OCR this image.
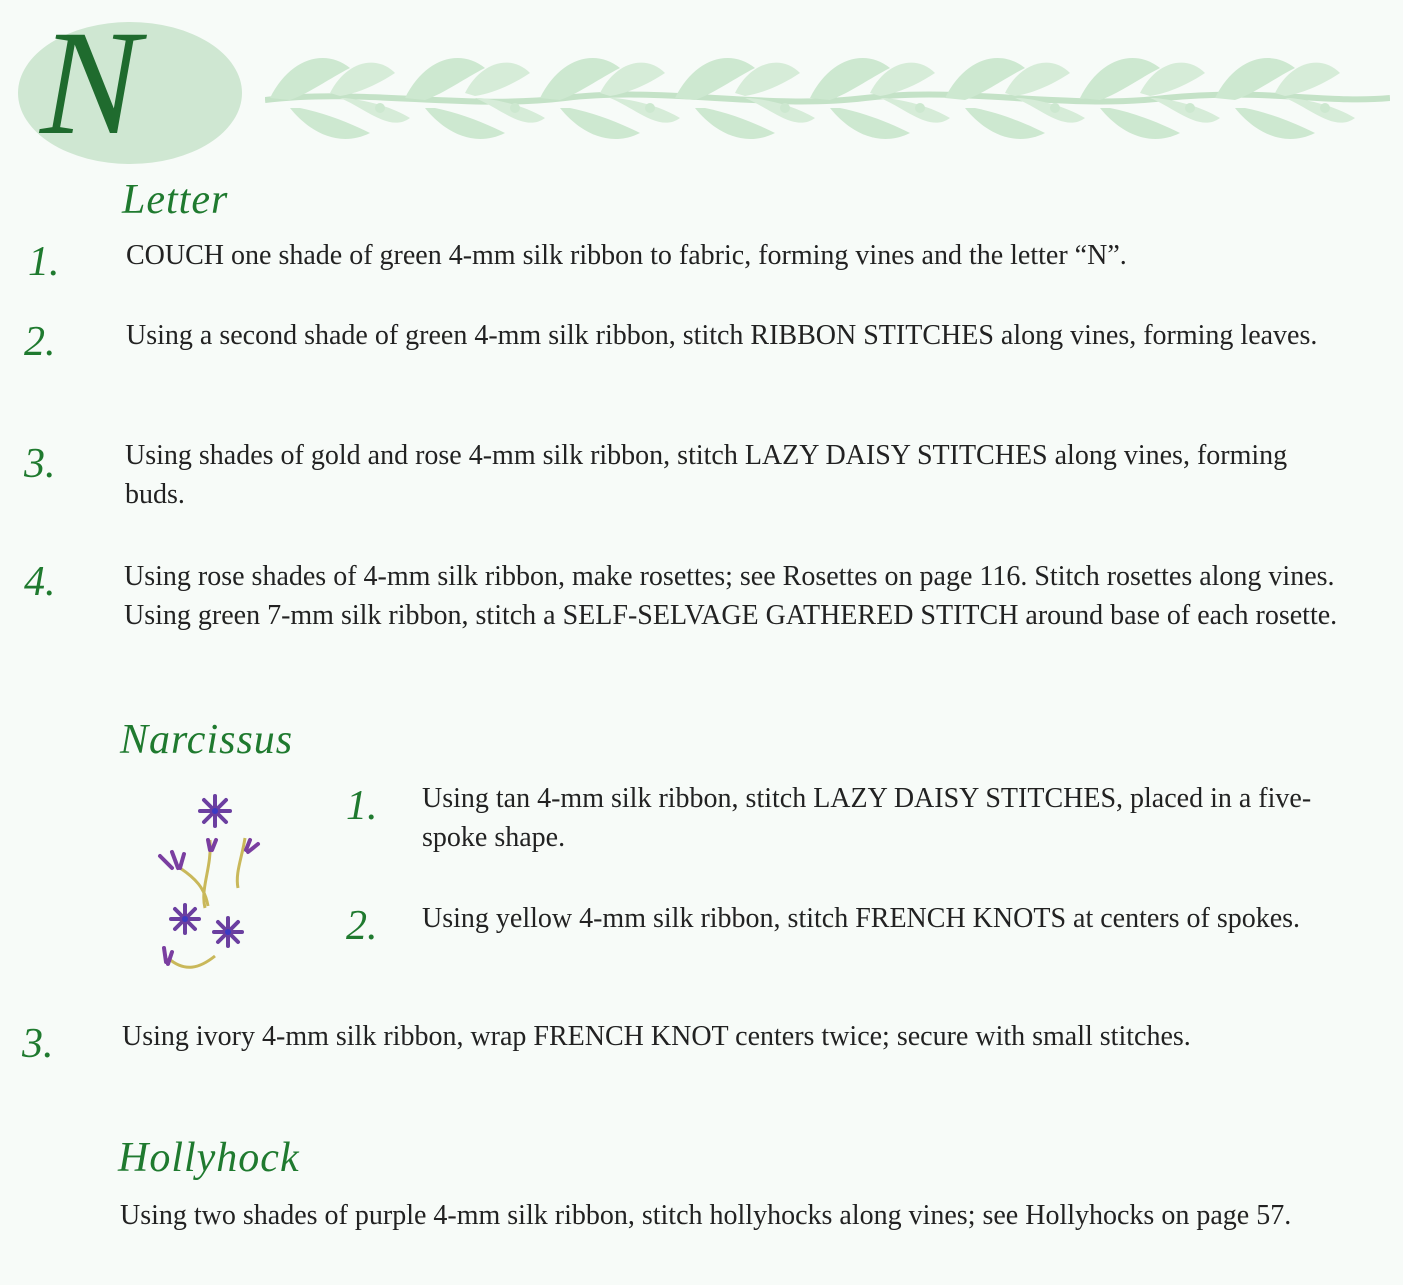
N
Letter
1. COUCH one shade of green 4-mm silk ribbon to fabric, forming vines and the letter “N”.
2.	Using a second shade of green 4-mm silk ribbon, stitch RIBBON STITCHES along vines, forming leaves.
3. Using shades of gold and rose 4-mm silk ribbon, stitch LAZY DAISY STITCHES along vines, forming buds.
4. Using rose shades of 4-mm silk ribbon, make rosettes; see Rosettes on page 116. Stitch rosettes along vines. Using green 7-mm silk ribbon, stitch a SELF-SELVAGE GATHERED STITCH around base of each rosette.
Narcissus
1. Using tan 4-mm silk ribbon, stitch LAZY DAISY STITCHES, placed in a five-spoke shape.
2. Using yellow 4-mm silk ribbon, stitch FRENCH KNOTS at centers of spokes.
3. Using ivory 4-mm silk ribbon, wrap FRENCH KNOT centers twice; secure with small stitches.
Hollyhock
Using two shades of purple 4-mm silk ribbon, stitch hollyhocks along vines; see Hollyhocks on page 57.
